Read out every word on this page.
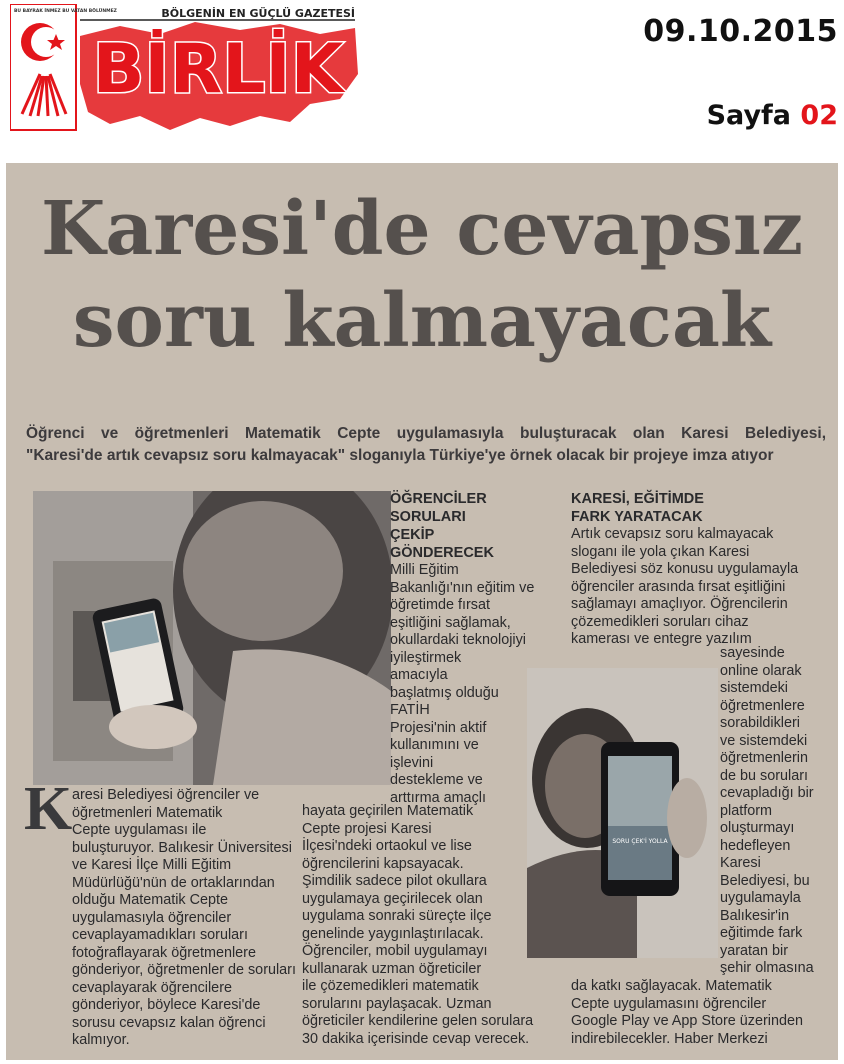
BU BAYRAK İNMEZ BU VATAN BÖLÜNMEZ	BÖLGENİN EN GÜÇLÜ GAZETESİ
BİRLİK	09.10.2015
Sayfa 02
Karesi'de cevapsız
soru kalmayacak
Öğrenci ve öğretmenleri Matematik Cepte uygulamasıyla buluşturacak olan Karesi Belediyesi,
"Karesi'de artık cevapsız soru kalmayacak" sloganıyla Türkiye'ye örnek olacak bir projeye imza atıyor
SORU ÇEK'İ YOLLA
K aresi Belediyesi öğrenciler ve
öğretmenleri Matematik
Cepte uygulaması ile
buluşturuyor. Balıkesir Üniversitesi
ve Karesi İlçe Milli Eğitim
Müdürlüğü'nün de ortaklarından
olduğu Matematik Cepte
uygulamasıyla öğrenciler
cevaplayamadıkları soruları
fotoğraflayarak öğretmenlere
gönderiyor, öğretmenler de soruları
cevaplayarak öğrencilere
gönderiyor, böylece Karesi'de
sorusu cevapsız kalan öğrenci
kalmıyor.
ÖĞRENCİLER
SORULARI
ÇEKİP
GÖNDERECEK
Milli Eğitim
Bakanlığı'nın eğitim ve
öğretimde fırsat
eşitliğini sağlamak,
okullardaki teknolojiyi
iyileştirmek
amacıyla
başlatmış olduğu
FATİH
Projesi'nin aktif
kullanımını ve
işlevini
destekleme ve
arttırma amaçlı
hayata geçirilen Matematik
Cepte projesi Karesi
İlçesi'ndeki ortaokul ve lise
öğrencilerini kapsayacak.
Şimdilik sadece pilot okullara
uygulamaya geçirilecek olan
uygulama sonraki süreçte ilçe
genelinde yaygınlaştırılacak.
Öğrenciler, mobil uygulamayı
kullanarak uzman öğreticiler
ile çözemedikleri matematik
sorularını paylaşacak. Uzman
öğreticiler kendilerine gelen sorulara
30 dakika içerisinde cevap verecek.
KARESİ, EĞİTİMDE
FARK YARATACAK
Artık cevapsız soru kalmayacak
sloganı ile yola çıkan Karesi
Belediyesi söz konusu uygulamayla
öğrenciler arasında fırsat eşitliğini
sağlamayı amaçlıyor. Öğrencilerin
çözemedikleri soruları cihaz
kamerası ve entegre yazılım
sayesinde
online olarak
sistemdeki
öğretmenlere
sorabildikleri
ve sistemdeki
öğretmenlerin
de bu soruları
cevapladığı bir
platform
oluşturmayı
hedefleyen
Karesi
Belediyesi, bu
uygulamayla
Balıkesir'in
eğitimde fark
yaratan bir
şehir olmasına
da katkı sağlayacak. Matematik
Cepte uygulamasını öğrenciler
Google Play ve App Store üzerinden
indirebilecekler. Haber Merkezi
